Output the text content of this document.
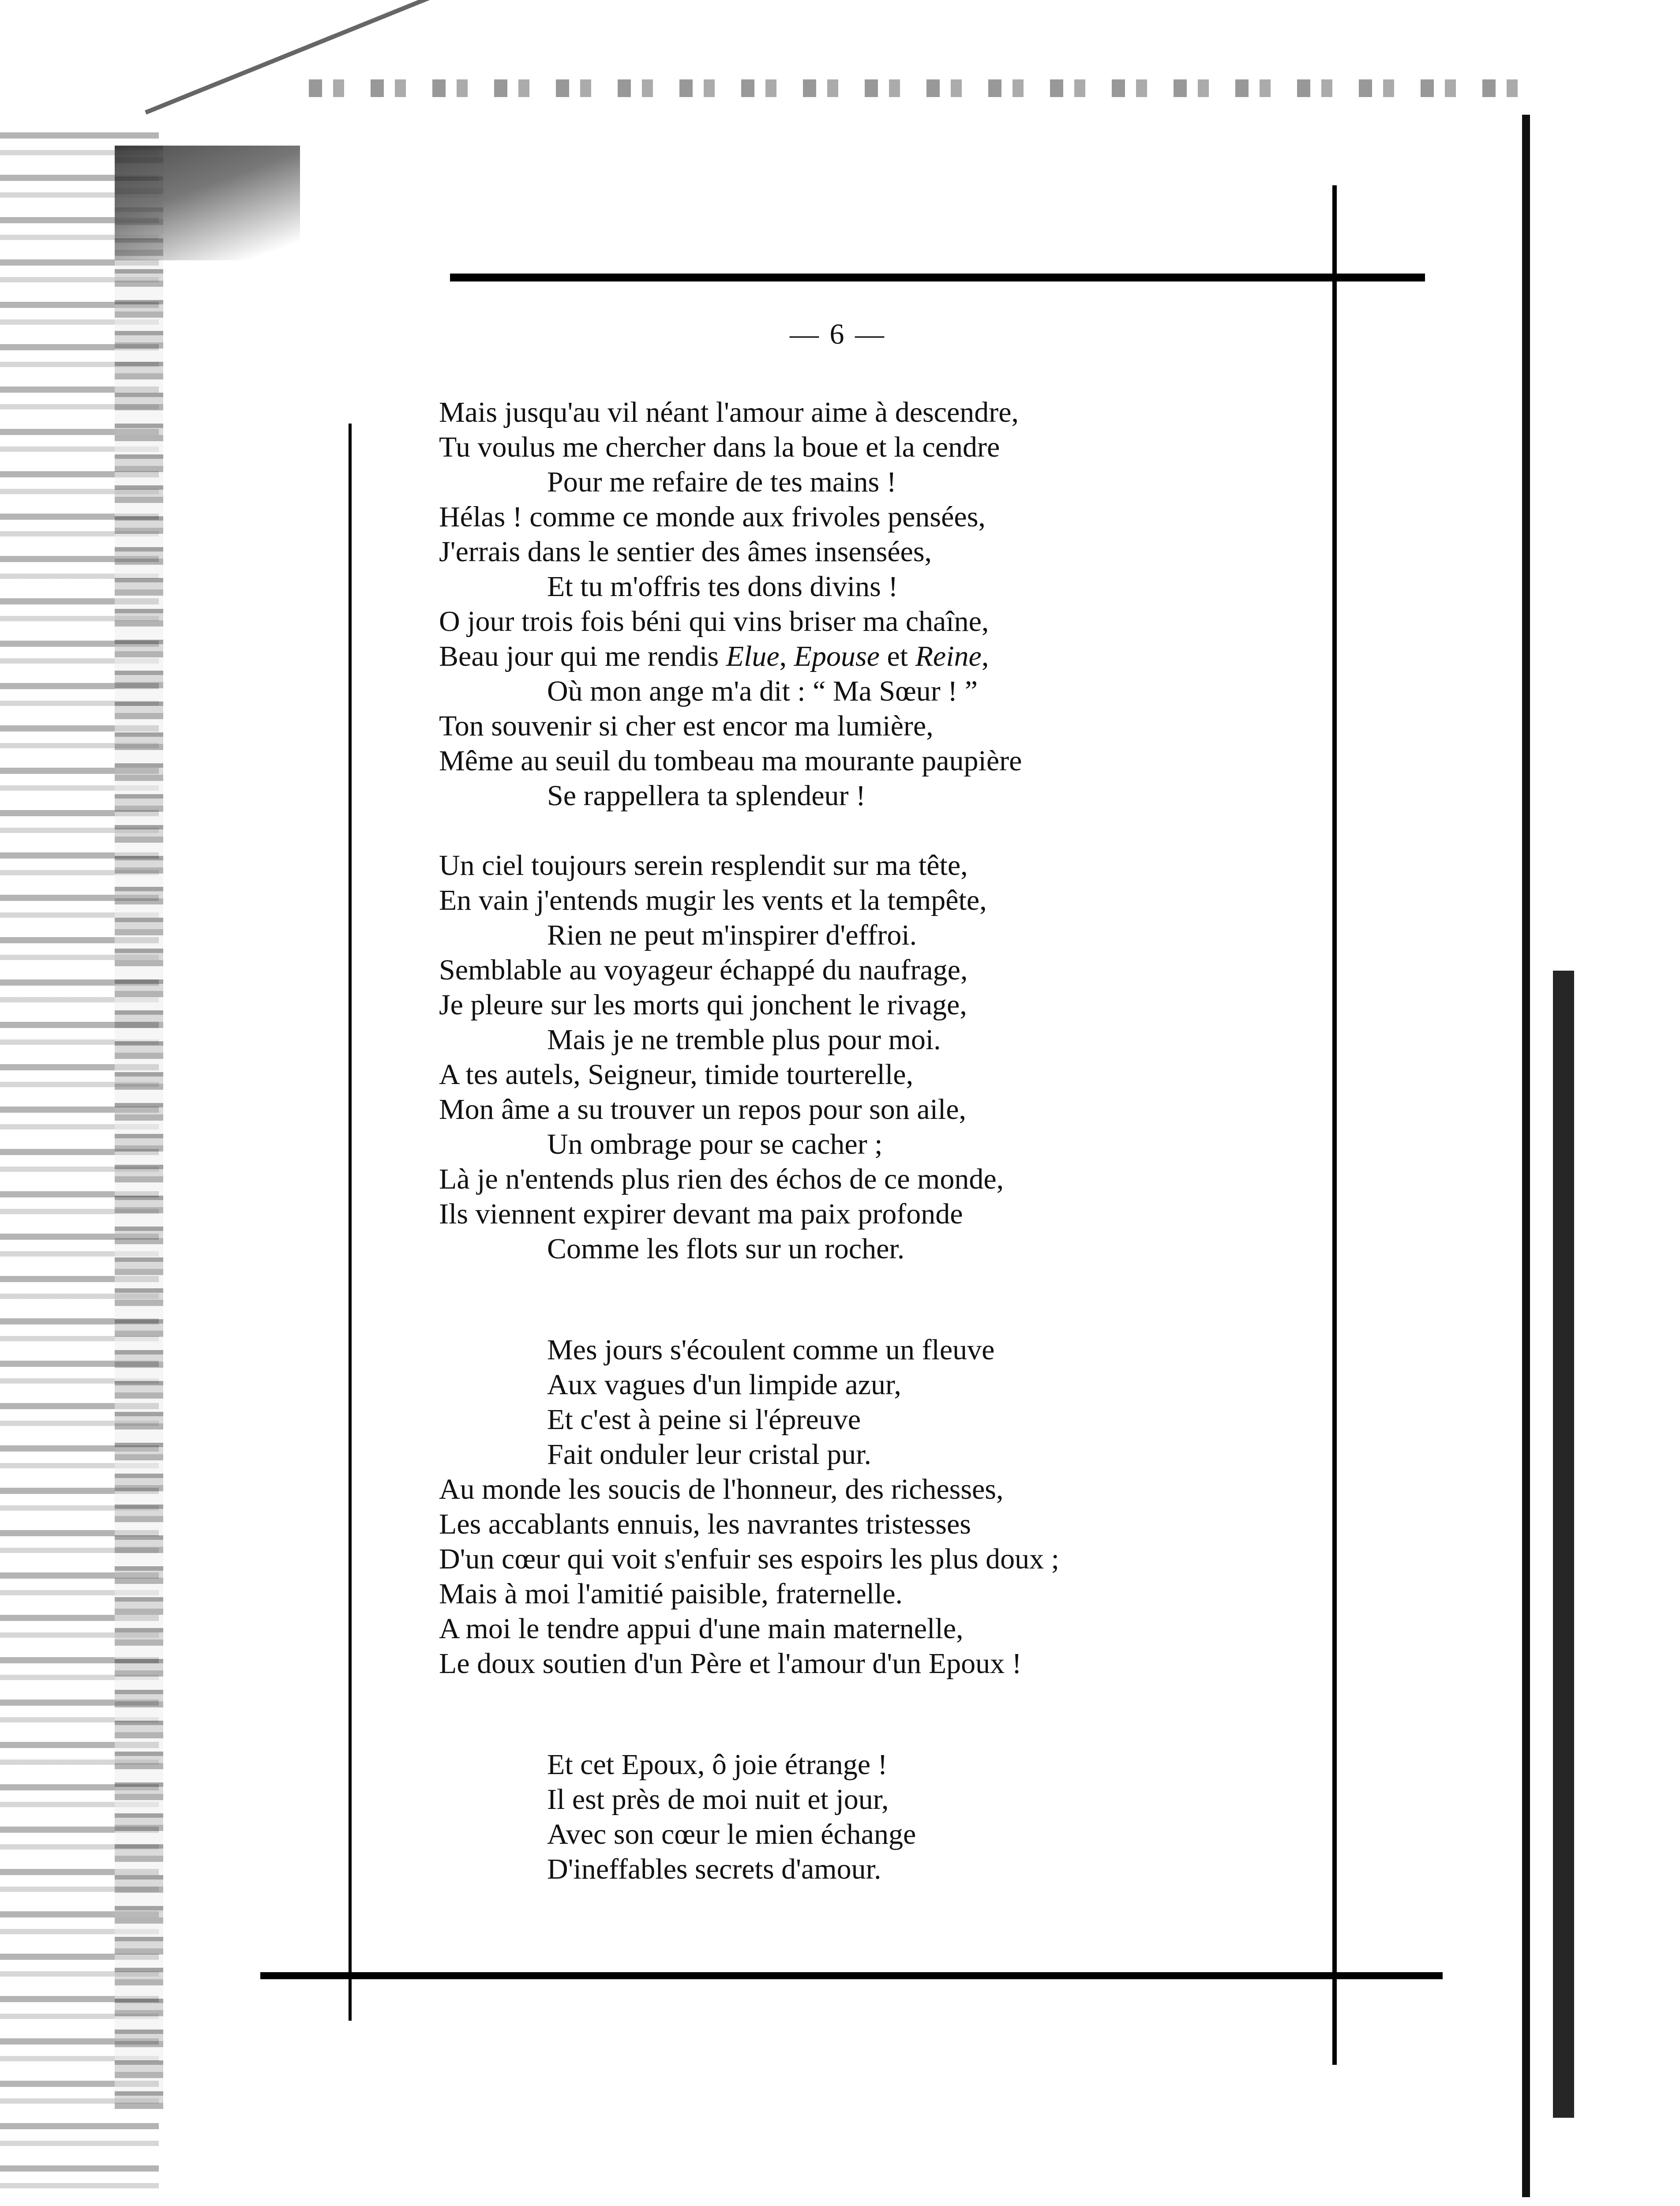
— 6 —
Mais jusqu'au vil néant l'amour aime à descendre,
Tu voulus me chercher dans la boue et la cendre
Pour me refaire de tes mains !
Hélas ! comme ce monde aux frivoles pensées,
J'errais dans le sentier des âmes insensées,
Et tu m'offris tes dons divins !
O jour trois fois béni qui vins briser ma chaîne,
Beau jour qui me rendis Elue, Epouse et Reine,
Où mon ange m'a dit : “ Ma Sœur ! ”
Ton souvenir si cher est encor ma lumière,
Même au seuil du tombeau ma mourante paupière
Se rappellera ta splendeur !
Un ciel toujours serein resplendit sur ma tête,
En vain j'entends mugir les vents et la tempête,
Rien ne peut m'inspirer d'effroi.
Semblable au voyageur échappé du naufrage,
Je pleure sur les morts qui jonchent le rivage,
Mais je ne tremble plus pour moi.
A tes autels, Seigneur, timide tourterelle,
Mon âme a su trouver un repos pour son aile,
Un ombrage pour se cacher ;
Là je n'entends plus rien des échos de ce monde,
Ils viennent expirer devant ma paix profonde
Comme les flots sur un rocher.
Mes jours s'écoulent comme un fleuve
Aux vagues d'un limpide azur,
Et c'est à peine si l'épreuve
Fait onduler leur cristal pur.
Au monde les soucis de l'honneur, des richesses,
Les accablants ennuis, les navrantes tristesses
D'un cœur qui voit s'enfuir ses espoirs les plus doux ;
Mais à moi l'amitié paisible, fraternelle.
A moi le tendre appui d'une main maternelle,
Le doux soutien d'un Père et l'amour d'un Epoux !
Et cet Epoux, ô joie étrange !
Il est près de moi nuit et jour,
Avec son cœur le mien échange
D'ineffables secrets d'amour.
